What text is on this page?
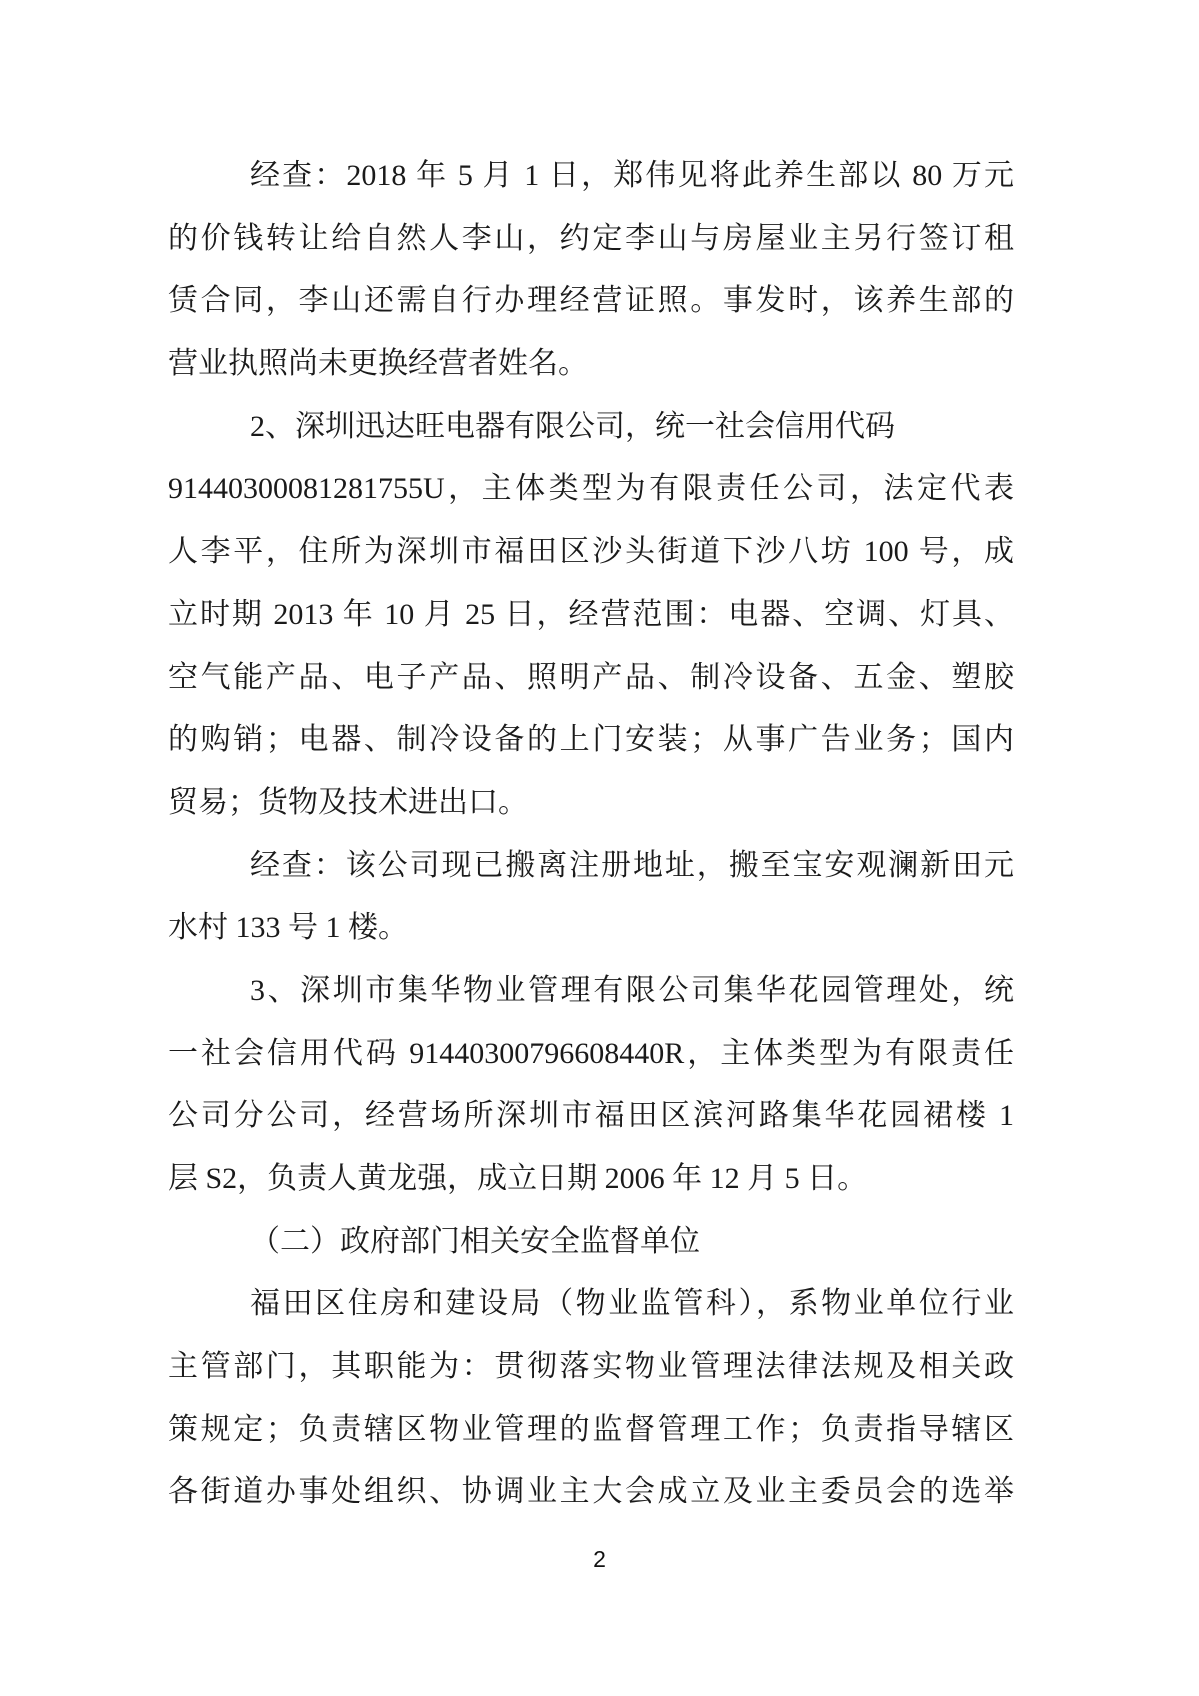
经查：2018 年 5 月 1 日，郑伟见将此养生部以 80 万元
的价钱转让给自然人李山，约定李山与房屋业主另行签订租
赁合同，李山还需自行办理经营证照。事发时，该养生部的
营业执照尚未更换经营者姓名。
2、深圳迅达旺电器有限公司，统一社会信用代码
91440300081281755U，主体类型为有限责任公司，法定代表
人李平，住所为深圳市福田区沙头街道下沙八坊 100 号，成
立时期 2013 年 10 月 25 日，经营范围：电器、空调、灯具、
空气能产品、电子产品、照明产品、制冷设备、五金、塑胶
的购销；电器、制冷设备的上门安装；从事广告业务；国内
贸易；货物及技术进出口。
经查：该公司现已搬离注册地址，搬至宝安观澜新田元
水村 133 号 1 楼。
3、深圳市集华物业管理有限公司集华花园管理处，统
一社会信用代码 91440300796608440R，主体类型为有限责任
公司分公司，经营场所深圳市福田区滨河路集华花园裙楼 1
层 S2，负责人黄龙强，成立日期 2006 年 12 月 5 日。
（二）政府部门相关安全监督单位
福田区住房和建设局（物业监管科），系物业单位行业
主管部门，其职能为：贯彻落实物业管理法律法规及相关政
策规定；负责辖区物业管理的监督管理工作；负责指导辖区
各街道办事处组织、协调业主大会成立及业主委员会的选举
2
